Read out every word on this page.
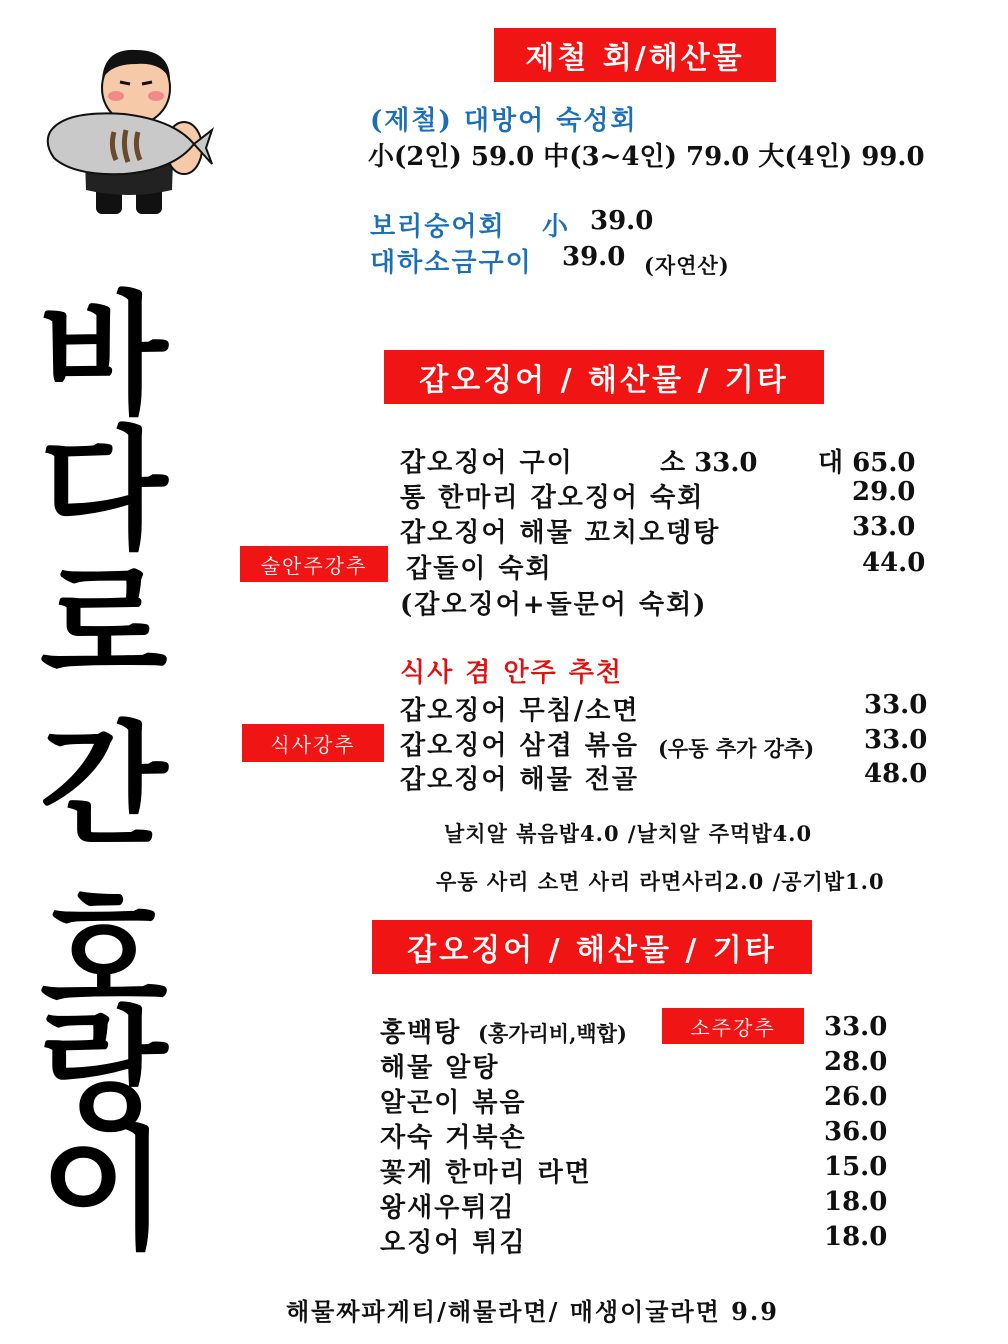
바
다
로
간
호
랑
이
제철 회/해산물
(제철) 대방어 숙성회
小(2인) 59.0 中(3~4인) 79.0 大(4인) 99.0
보리숭어회 小 39.0
대하소금구이 39.0 (자연산)
갑오징어 / 해산물 / 기타
갑오징어 구이	소 33.0 대 65.0
통 한마리 갑오징어 숙회	29.0
갑오징어 해물 꼬치오뎅탕	33.0
술안주강추	갑돌이 숙회	44.0
(갑오징어+돌문어 숙회)
식사 겸 안주 추천
갑오징어 무침/소면	33.0
식사강추	갑오징어 삼겹 볶음 (우동 추가 강추) 33.0
갑오징어 해물 전골	48.0
날치알 볶음밥4.0 /날치알 주먹밥4.0
우동 사리 소면 사리 라면사리2.0 /공기밥1.0
갑오징어 / 해산물 / 기타
홍백탕 (홍가리비,백합)	소주강추	33.0
해물 알탕	28.0
알곤이 볶음	26.0
자숙 거북손	36.0
꽃게 한마리 라면	15.0
왕새우튀김	18.0
오징어 튀김	18.0
해물짜파게티/해물라면/ 매생이굴라면 9.9
